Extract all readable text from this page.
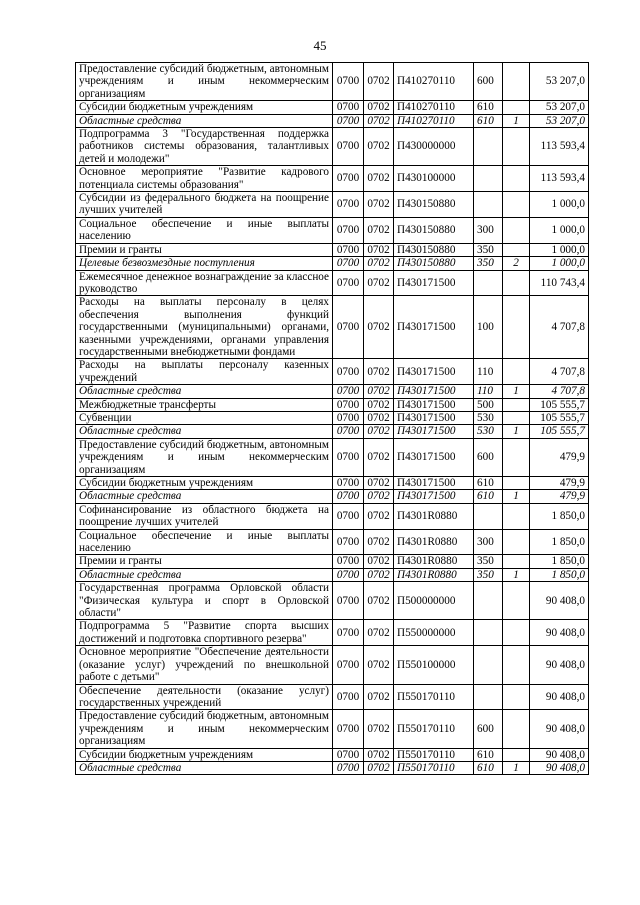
45
Предоставление субсидий бюджетным, автономным учреждениям и иным некоммерческим организациям	0700	0702	П410270110	600		53 207,0
Субсидии бюджетным учреждениям	0700	0702	П410270110	610		53 207,0
Областные средства	0700	0702	П410270110	610	1	53 207,0
Подпрограмма 3 "Государственная поддержка работников системы образования, талантливых детей и молодежи"	0700	0702	П430000000			113 593,4
Основное мероприятие "Развитие кадрового потенциала системы образования"	0700	0702	П430100000			113 593,4
Субсидии из федерального бюджета на поощрение лучших учителей	0700	0702	П430150880			1 000,0
Социальное обеспечение и иные выплаты населению	0700	0702	П430150880	300		1 000,0
Премии и гранты	0700	0702	П430150880	350		1 000,0
Целевые безвозмездные поступления	0700	0702	П430150880	350	2	1 000,0
Ежемесячное денежное вознаграждение за классное руководство	0700	0702	П430171500			110 743,4
Расходы на выплаты персоналу в целях обеспечения выполнения функций государственными (муниципальными) органами, казенными учреждениями, органами управления государственными внебюджетными фондами	0700	0702	П430171500	100		4 707,8
Расходы на выплаты персоналу казенных учреждений	0700	0702	П430171500	110		4 707,8
Областные средства	0700	0702	П430171500	110	1	4 707,8
Межбюджетные трансферты	0700	0702	П430171500	500		105 555,7
Субвенции	0700	0702	П430171500	530		105 555,7
Областные средства	0700	0702	П430171500	530	1	105 555,7
Предоставление субсидий бюджетным, автономным учреждениям и иным некоммерческим организациям	0700	0702	П430171500	600		479,9
Субсидии бюджетным учреждениям	0700	0702	П430171500	610		479,9
Областные средства	0700	0702	П430171500	610	1	479,9
Софинансирование из областного бюджета на поощрение лучших учителей	0700	0702	П4301R0880			1 850,0
Социальное обеспечение и иные выплаты населению	0700	0702	П4301R0880	300		1 850,0
Премии и гранты	0700	0702	П4301R0880	350		1 850,0
Областные средства	0700	0702	П4301R0880	350	1	1 850,0
Государственная программа Орловской области "Физическая культура и спорт в Орловской области"	0700	0702	П500000000			90 408,0
Подпрограмма 5 "Развитие спорта высших достижений и подготовка спортивного резерва"	0700	0702	П550000000			90 408,0
Основное мероприятие "Обеспечение деятельности (оказание услуг) учреждений по внешкольной работе с детьми"	0700	0702	П550100000			90 408,0
Обеспечение деятельности (оказание услуг) государственных учреждений	0700	0702	П550170110			90 408,0
Предоставление субсидий бюджетным, автономным учреждениям и иным некоммерческим организациям	0700	0702	П550170110	600		90 408,0
Субсидии бюджетным учреждениям	0700	0702	П550170110	610		90 408,0
Областные средства	0700	0702	П550170110	610	1	90 408,0
